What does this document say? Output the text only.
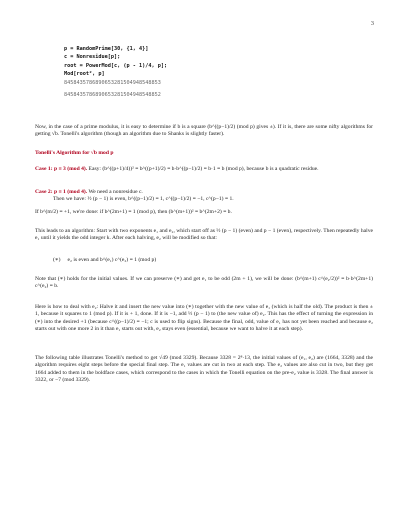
3
p = RandomPrime[30, {1, 4}]
c = Nonresidue[p];
root = PowerMod[c, (p - 1)/4, p];
Mod[root², p]
8458435786890653281504948548853
8458435786890653281504948548852

Now, in the case of a prime modulus, it is easy to determine if b is a square (b^((p−1)/2) (mod p) gives ±). If it is, there are some nifty algorithms for getting √b. Tonelli's algorithm (though an algorithm due to Shanks is slightly faster).

Tonelli's Algorithm for √b mod p

Case 1: p ≡ 3 (mod 4). Easy: (b^((p+1)/4))² ≡ b^((p+1)/2) ≡ b·b^((p−1)/2) ≡ b·1 ≡ b (mod p), because b is a quadratic residue.

Case 2: p ≡ 1 (mod 4). We need a nonresidue c.

Then we have: ½ (p − 1) is even, b^((p−1)/2) ≡ 1, c^((p−1)/2) ≡ −1, c^(p−1) ≡ 1.

If b^(m/2) ≡ +1, we're done: if b^(2m+1) ≡ 1 (mod p), then (b^(m+1))² ≡ b^(2m+2) ≡ b.

This leads to an algorithm: Start with two exponents e₁ and e₂, which start off as ½ (p − 1) (even) and p − 1 (even), respectively. Then repeatedly halve e₁ until it yields the odd integer k. After each halving, e₂ will be modified so that:

(∗) e₂ is even and b^(e₁) c^(e₂) ≡ 1 (mod p)

Note that (∗) holds for the initial values. If we can preserve (∗) and get e₁ to be odd (2m + 1), we will be done: (b^(m+1) c^(e₂/2))² ≡ b·b^(2m+1) c^(e₂) ≡ b.

Here is how to deal with e₂: Halve it and insert the new value into (∗) together with the new value of e₁ (which is half the old). The product is then ± 1, because it squares to 1 (mod p). If it is + 1, done. If it is −1, add ½ (p − 1) to (the new value of) e₂. This has the effect of turning the expression in (∗) into the desired +1 (because c^((p−1)/2) ≡ −1; c is used to flip signs). Because the final, odd, value of e₁ has not yet been reached and because e₂ starts out with one more 2 in it than e₁ starts out with, e₂ stays even (essential, because we want to halve it at each step).

The following table illustrates Tonelli's method to get √49 (mod 3329). Because 3328 = 2⁸·13, the initial values of (e₁, e₂) are (1664, 3328) and the algorithm requires eight steps before the special final step. The e₁ values are cut in two at each step. The e₂ values are also cut in two, but they get 1664 added to them in the boldface cases, which correspond to the cases in which the Tonelli equation on the pre-e₂ value is 3328. The final answer is 3322, or −7 (mod 3329).
